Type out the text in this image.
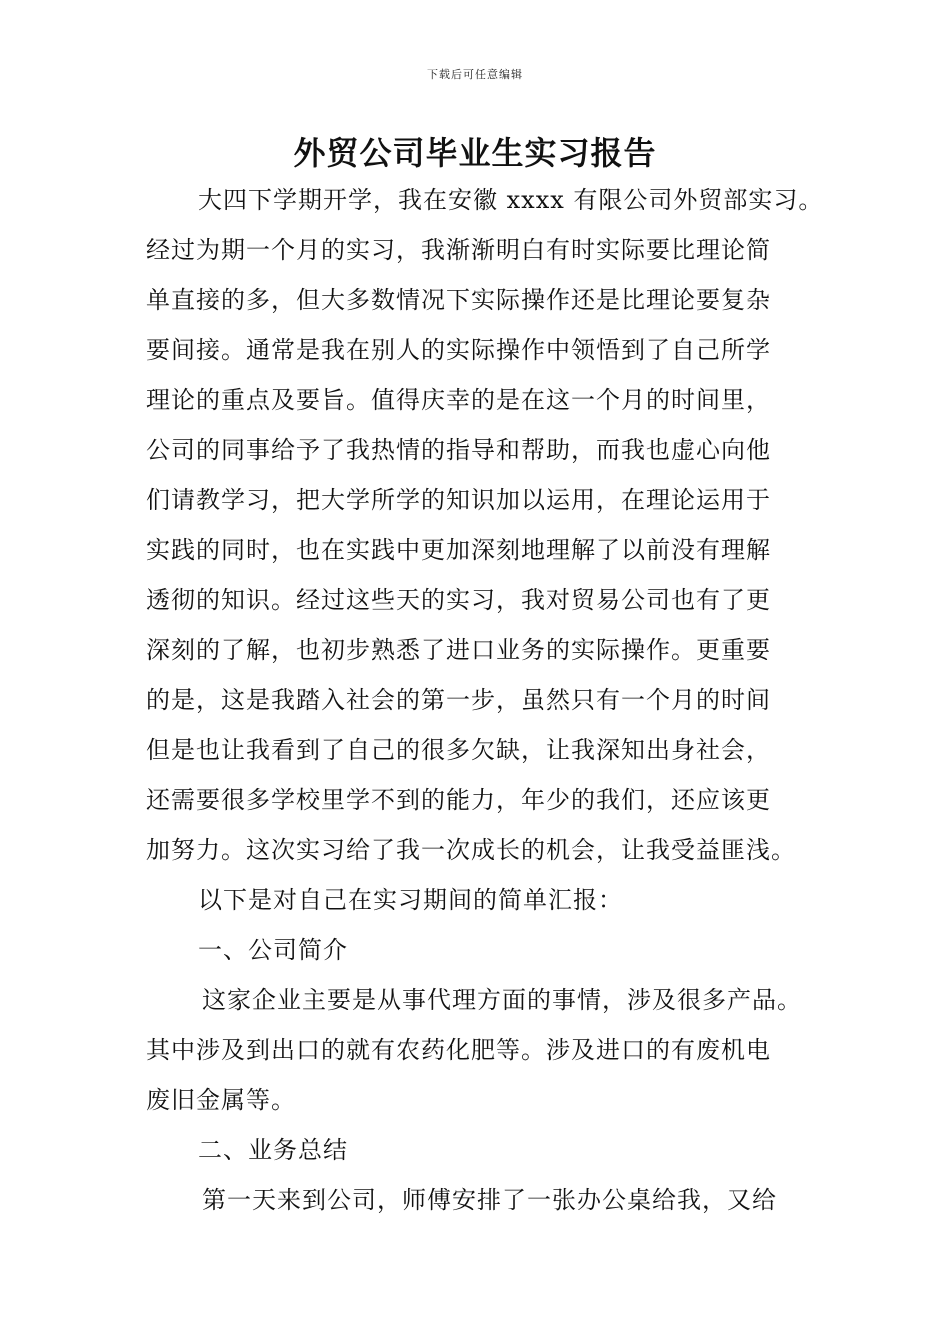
下载后可任意编辑
外贸公司毕业生实习报告
大四下学期开学，我在安徽 xxxx 有限公司外贸部实习。
经过为期一个月的实习，我渐渐明白有时实际要比理论简
单直接的多，但大多数情况下实际操作还是比理论要复杂
要间接。通常是我在别人的实际操作中领悟到了自己所学
理论的重点及要旨。值得庆幸的是在这一个月的时间里，
公司的同事给予了我热情的指导和帮助，而我也虚心向他
们请教学习，把大学所学的知识加以运用，在理论运用于
实践的同时，也在实践中更加深刻地理解了以前没有理解
透彻的知识。经过这些天的实习，我对贸易公司也有了更
深刻的了解，也初步熟悉了进口业务的实际操作。更重要
的是，这是我踏入社会的第一步，虽然只有一个月的时间
但是也让我看到了自己的很多欠缺，让我深知出身社会，
还需要很多学校里学不到的能力，年少的我们，还应该更
加努力。这次实习给了我一次成长的机会，让我受益匪浅。
以下是对自己在实习期间的简单汇报：
一、公司简介
这家企业主要是从事代理方面的事情，涉及很多产品。
其中涉及到出口的就有农药化肥等。涉及进口的有废机电
废旧金属等。
二、业务总结
第一天来到公司，师傅安排了一张办公桌给我，又给
